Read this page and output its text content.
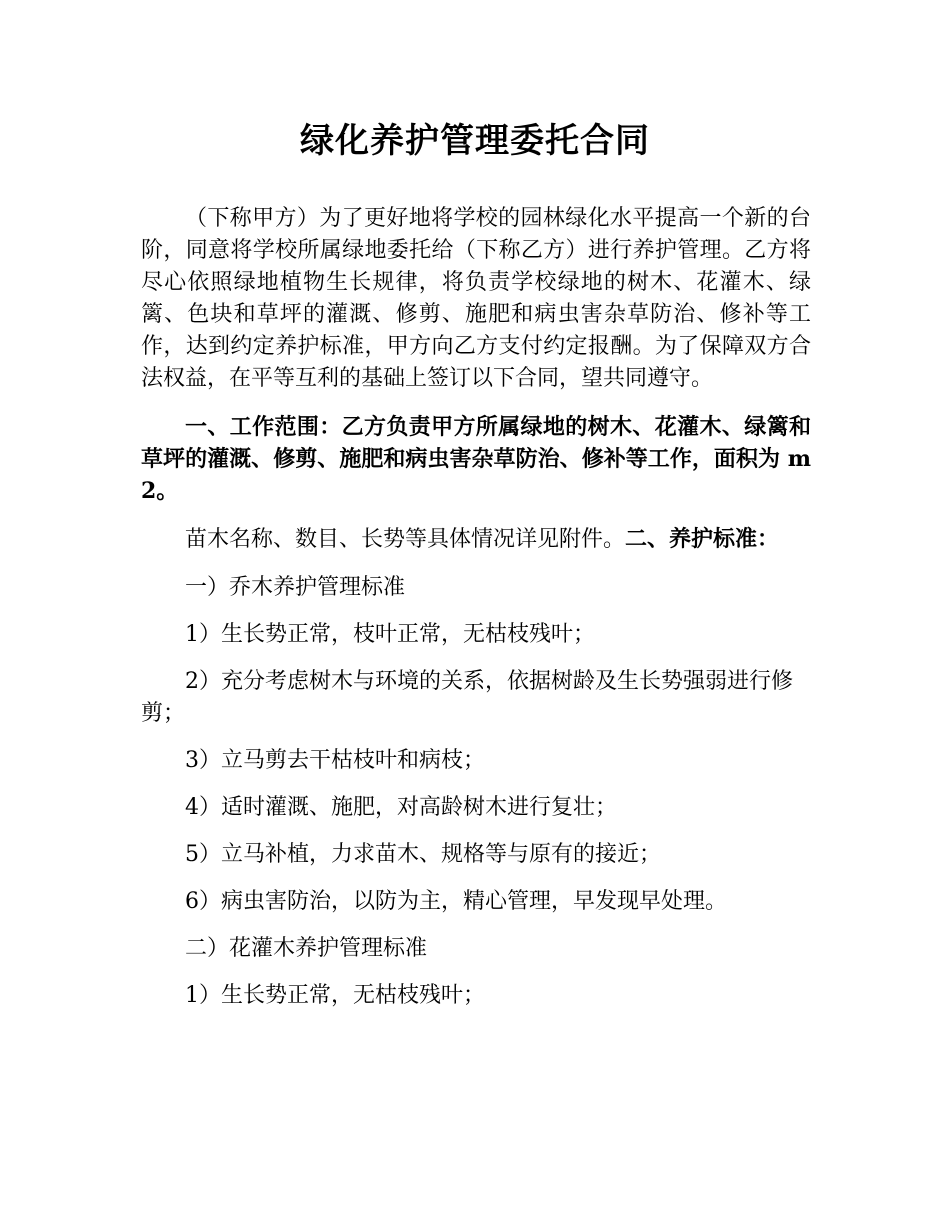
绿化养护管理委托合同

（下称甲方）为了更好地将学校的园林绿化水平提高一个新的台阶，同意将学校所属绿地委托给（下称乙方）进行养护管理。乙方将尽心依照绿地植物生长规律，将负责学校绿地的树木、花灌木、绿篱、色块和草坪的灌溉、修剪、施肥和病虫害杂草防治、修补等工作，达到约定养护标准，甲方向乙方支付约定报酬。为了保障双方合法权益，在平等互利的基础上签订以下合同，望共同遵守。

一、工作范围：乙方负责甲方所属绿地的树木、花灌木、绿篱和草坪的灌溉、修剪、施肥和病虫害杂草防治、修补等工作，面积为 m2。

苗木名称、数目、长势等具体情况详见附件。二、养护标准：

一）乔木养护管理标准

1）生长势正常，枝叶正常，无枯枝残叶；

2）充分考虑树木与环境的关系，依据树龄及生长势强弱进行修剪；

3）立马剪去干枯枝叶和病枝；

4）适时灌溉、施肥，对高龄树木进行复壮；

5）立马补植，力求苗木、规格等与原有的接近；

6）病虫害防治，以防为主，精心管理，早发现早处理。

二）花灌木养护管理标准

1）生长势正常，无枯枝残叶；
